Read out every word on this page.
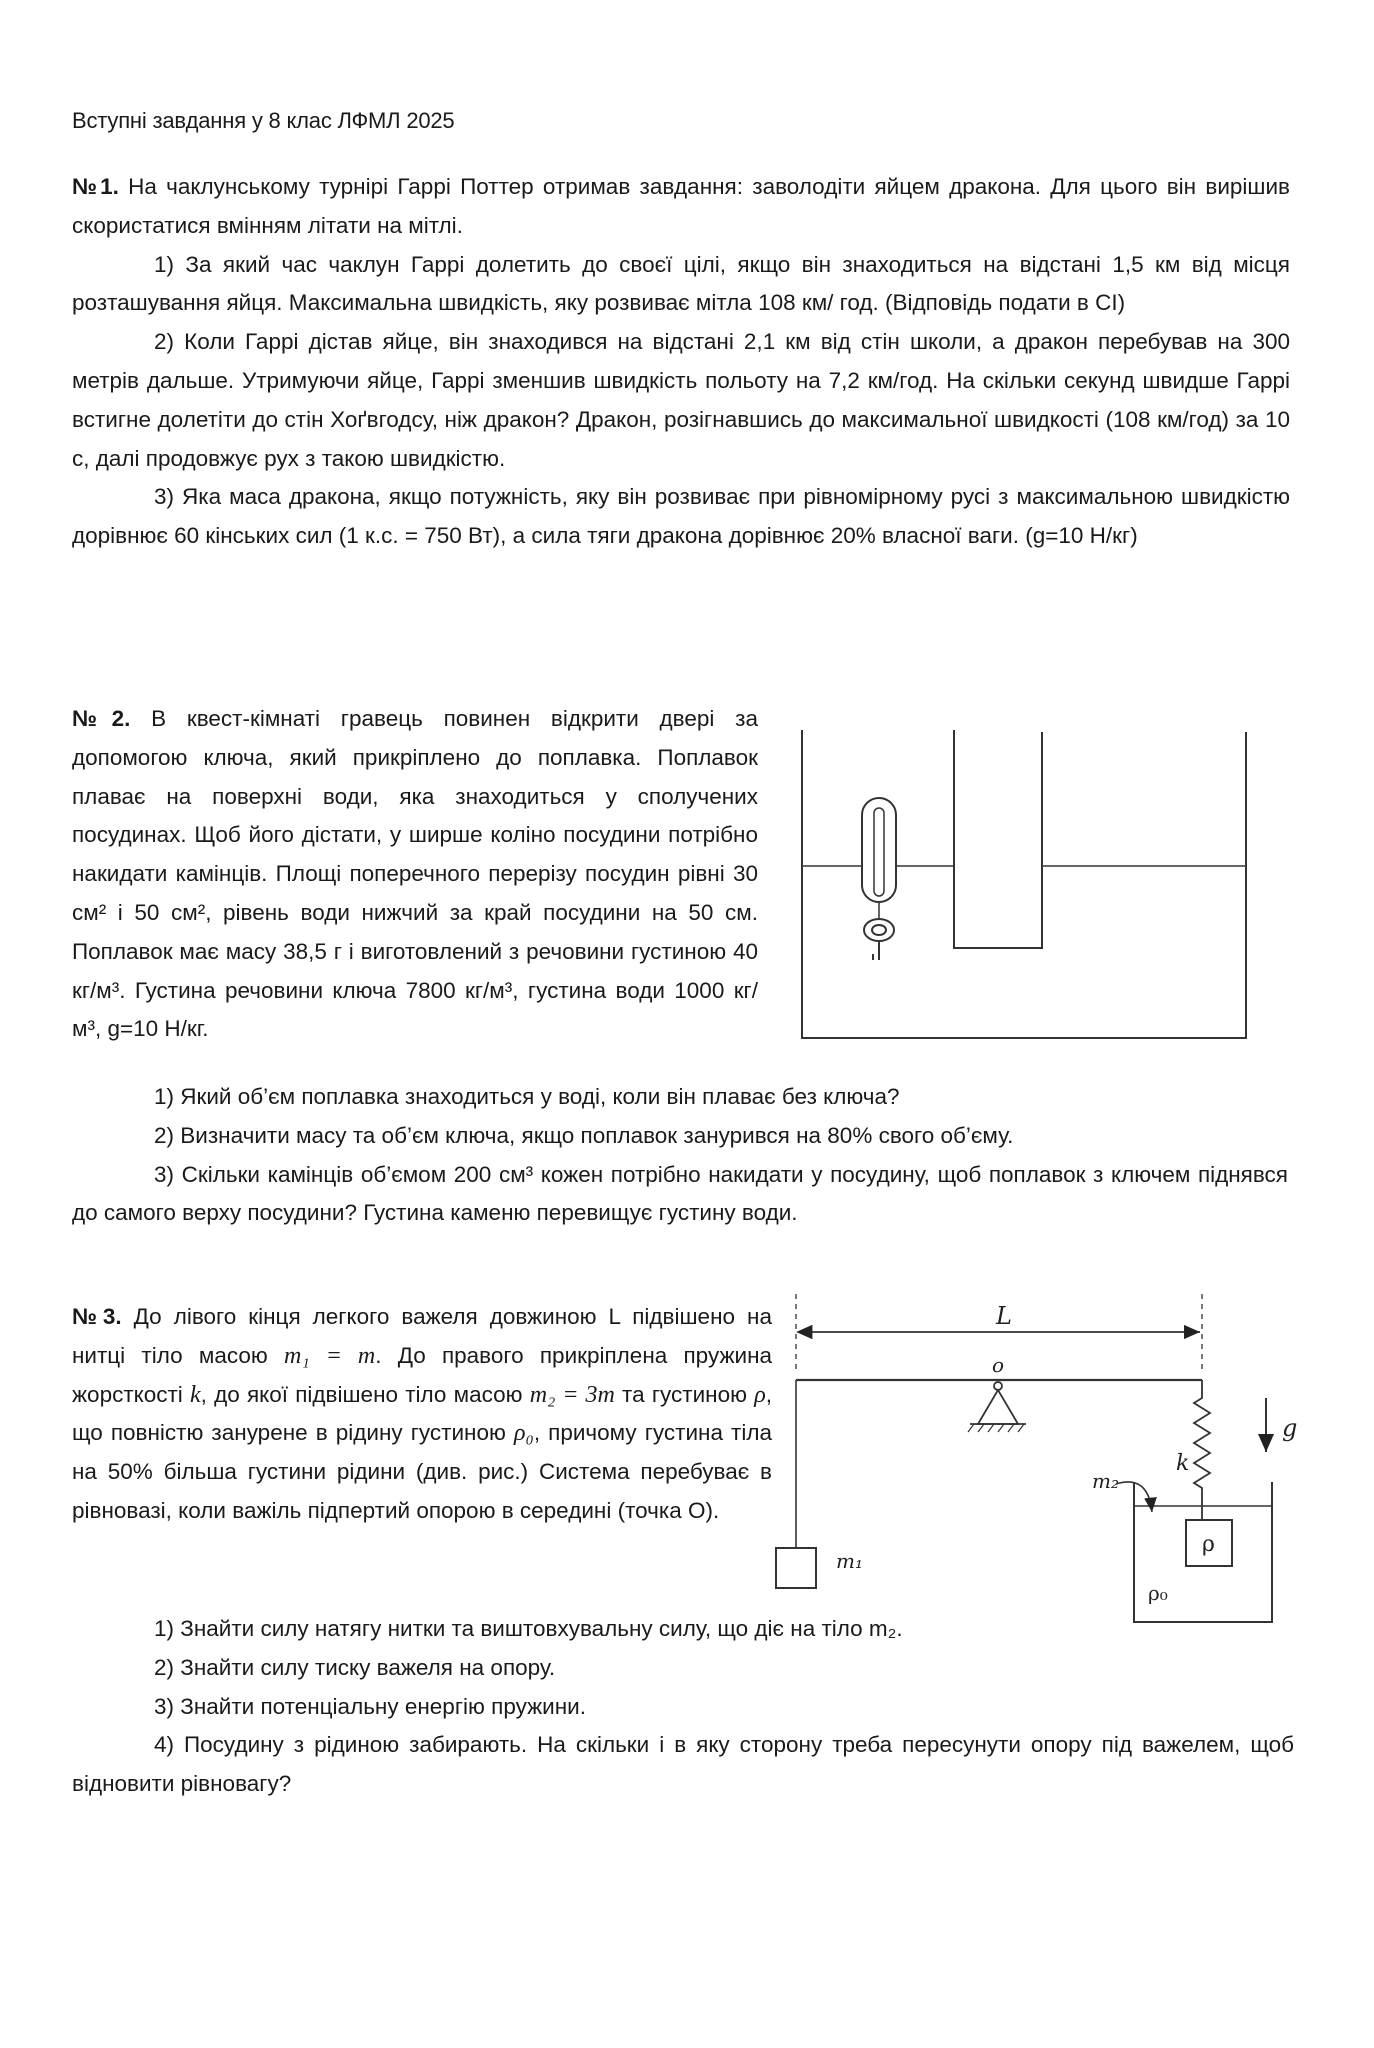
Вступні завдання у 8 клас ЛФМЛ 2025

№1. На чаклунському турнірі Гаррі Поттер отримав завдання: заволодіти яйцем дракона. Для цього він вирішив скористатися вмінням літати на мітлі.

1) За який час чаклун Гаррі долетить до своєї цілі, якщо він знаходиться на відстані 1,5 км від місця розташування яйця. Максимальна швидкість, яку розвиває мітла 108 км/ год. (Відповідь подати в СІ)

2) Коли Гаррі дістав яйце, він знаходився на відстані 2,1 км від стін школи, а дракон перебував на 300 метрів дальше. Утримуючи яйце, Гаррі зменшив швидкість польоту на 7,2 км/год. На скільки секунд швидше Гаррі встигне долетіти до стін Хоґвгодсу, ніж дракон? Дракон, розігнавшись до максимальної швидкості (108 км/год) за 10 с, далі продовжує рух з такою швидкістю.

3) Яка маса дракона, якщо потужність, яку він розвиває при рівномірному русі з максимальною швидкістю дорівнює 60 кінських сил (1 к.с. = 750 Вт), а сила тяги дракона дорівнює 20% власної ваги. (g=10 Н/кг)

№2. В квест-кімнаті гравець повинен відкрити двері за допомогою ключа, який прикріплено до поплавка. Поплавок плаває на поверхні води, яка знаходиться у сполучених посудинах. Щоб його дістати, у ширше коліно посудини потрібно накидати камінців. Площі поперечного перерізу посудин рівні 30 см² і 50 см², рівень води нижчий за край посудини на 50 см. Поплавок має масу 38,5 г і виготовлений з речовини густиною 40 кг/м³. Густина речовини ключа 7800 кг/м³, густина води 1000 кг/м³, g=10 Н/кг.

1) Який об’єм поплавка знаходиться у воді, коли він плаває без ключа?

2) Визначити масу та об’єм ключа, якщо поплавок занурився на 80% свого об’єму.

3) Скільки камінців об’ємом 200 см³ кожен потрібно накидати у посудину, щоб поплавок з ключем піднявся до самого верху посудини? Густина каменю перевищує густину води.

№3. До лівого кінця легкого важеля довжиною L підвішено на нитці тіло масою m₁ = m. До правого прикріплена пружина жорсткості k, до якої підвішено тіло масою m₂ = 3m та густиною ρ, що повністю занурене в рідину густиною ρ₀, причому густина тіла на 50% більша густини рідини (див. рис.) Система перебуває в рівновазі, коли важіль підпертий опорою в середині (точка О).

L
o
g
k
m₂
m₁
ρ
ρ₀

1) Знайти силу натягу нитки та виштовхувальну силу, що діє на тіло m₂.

2) Знайти силу тиску важеля на опору.

3) Знайти потенціальну енергію пружини.

4) Посудину з рідиною забирають. На скільки і в яку сторону треба пересунути опору під важелем, щоб відновити рівновагу?
